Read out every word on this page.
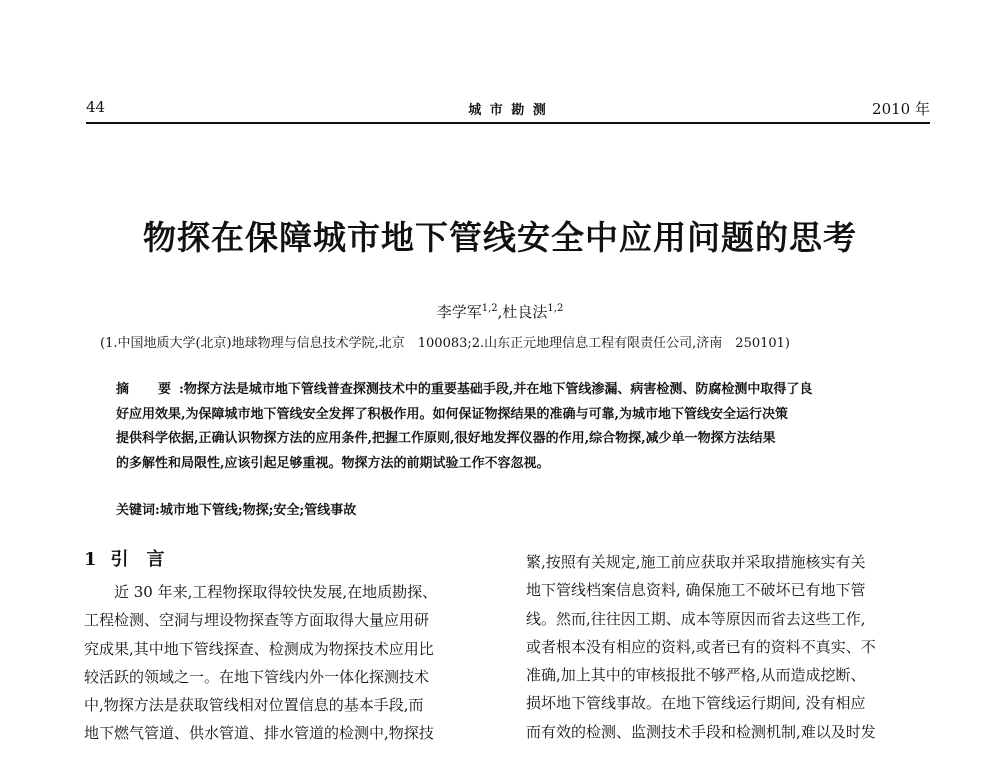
44	城 市 勘 测	2010 年
物探在保障城市地下管线安全中应用问题的思考
李学军$^{1,2}$,杜良法$^{1,2}$
(1.中国地质大学(北京)地球物理与信息技术学院,北京　100083;2.山东正元地理信息工程有限责任公司,济南　250101)
摘　要:物探方法是城市地下管线普查探测技术中的重要基础手段,并在地下管线渗漏、病害检测、防腐检测中取得了良
好应用效果,为保障城市地下管线安全发挥了积极作用。如何保证物探结果的准确与可靠,为城市地下管线安全运行决策
提供科学依据,正确认识物探方法的应用条件,把握工作原则,很好地发挥仪器的作用,综合物探,减少单一物探方法结果
的多解性和局限性,应该引起足够重视。物探方法的前期试验工作不容忽视。
关键词:城市地下管线;物探;安全;管线事故
1 引　言
近 30 年来,工程物探取得较快发展,在地质勘探、
工程检测、空洞与埋设物探查等方面取得大量应用研
究成果,其中地下管线探查、检测成为物探技术应用比
较活跃的领域之一。在地下管线内外一体化探测技术
中,物探方法是获取管线相对位置信息的基本手段,而
地下燃气管道、供水管道、排水管道的检测中,物探技
繁,按照有关规定,施工前应获取并采取措施核实有关
地下管线档案信息资料, 确保施工不破坏已有地下管
线。然而,往往因工期、成本等原因而省去这些工作,
或者根本没有相应的资料,或者已有的资料不真实、不
准确,加上其中的审核报批不够严格,从而造成挖断、
损坏地下管线事故。在地下管线运行期间, 没有相应
而有效的检测、监测技术手段和检测机制,难以及时发
